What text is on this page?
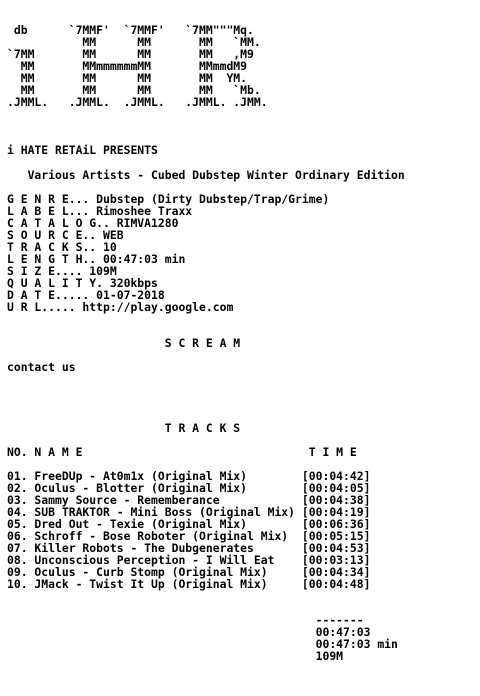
db      `7MMF'  `7MMF'   `7MM"""Mq.
MM      MM       MM   `MM.
`7MM       MM      MM       MM   ,M9
MM       MMmmmmmmMM       MMmmdM9
MM       MM      MM       MM  YM.
MM       MM      MM       MM   `Mb.
.JMML.   .JMML.  .JMML.   .JMML. .JMM.
i HATE RETAiL PRESENTS
Various Artists - Cubed Dubstep Winter Ordinary Edition
G E N R E... Dubstep (Dirty Dubstep/Trap/Grime)
L A B E L... Rimoshee Traxx
C A T A L O G.. RIMVA1280
S O U R C E.. WEB
T R A C K S.. 10
L E N G T H.. 00:47:03 min
S I Z E.... 109M
Q U A L I T Y. 320kbps
D A T E..... 01-07-2018
U R L..... http://play.google.com
S C R E A M
contact us
T R A C K S
NO. N A M E                                 T I M E
01. FreeDUp - At0m1x (Original Mix)        [00:04:42]
02. Oculus - Blotter (Original Mix)        [00:04:05]
03. Sammy Source - Rememberance            [00:04:38]
04. SUB TRAKTOR - Mini Boss (Original Mix) [00:04:19]
05. Dred Out - Texie (Original Mix)        [00:06:36]
06. Schroff - Bose Roboter (Original Mix)  [00:05:15]
07. Killer Robots - The Dubgenerates       [00:04:53]
08. Unconscious Perception - I Will Eat    [00:03:13]
09. Oculus - Curb Stomp (Original Mix)     [00:04:34]
10. JMack - Twist It Up (Original Mix)     [00:04:48]
-------
00:47:03
00:47:03 min
109M
